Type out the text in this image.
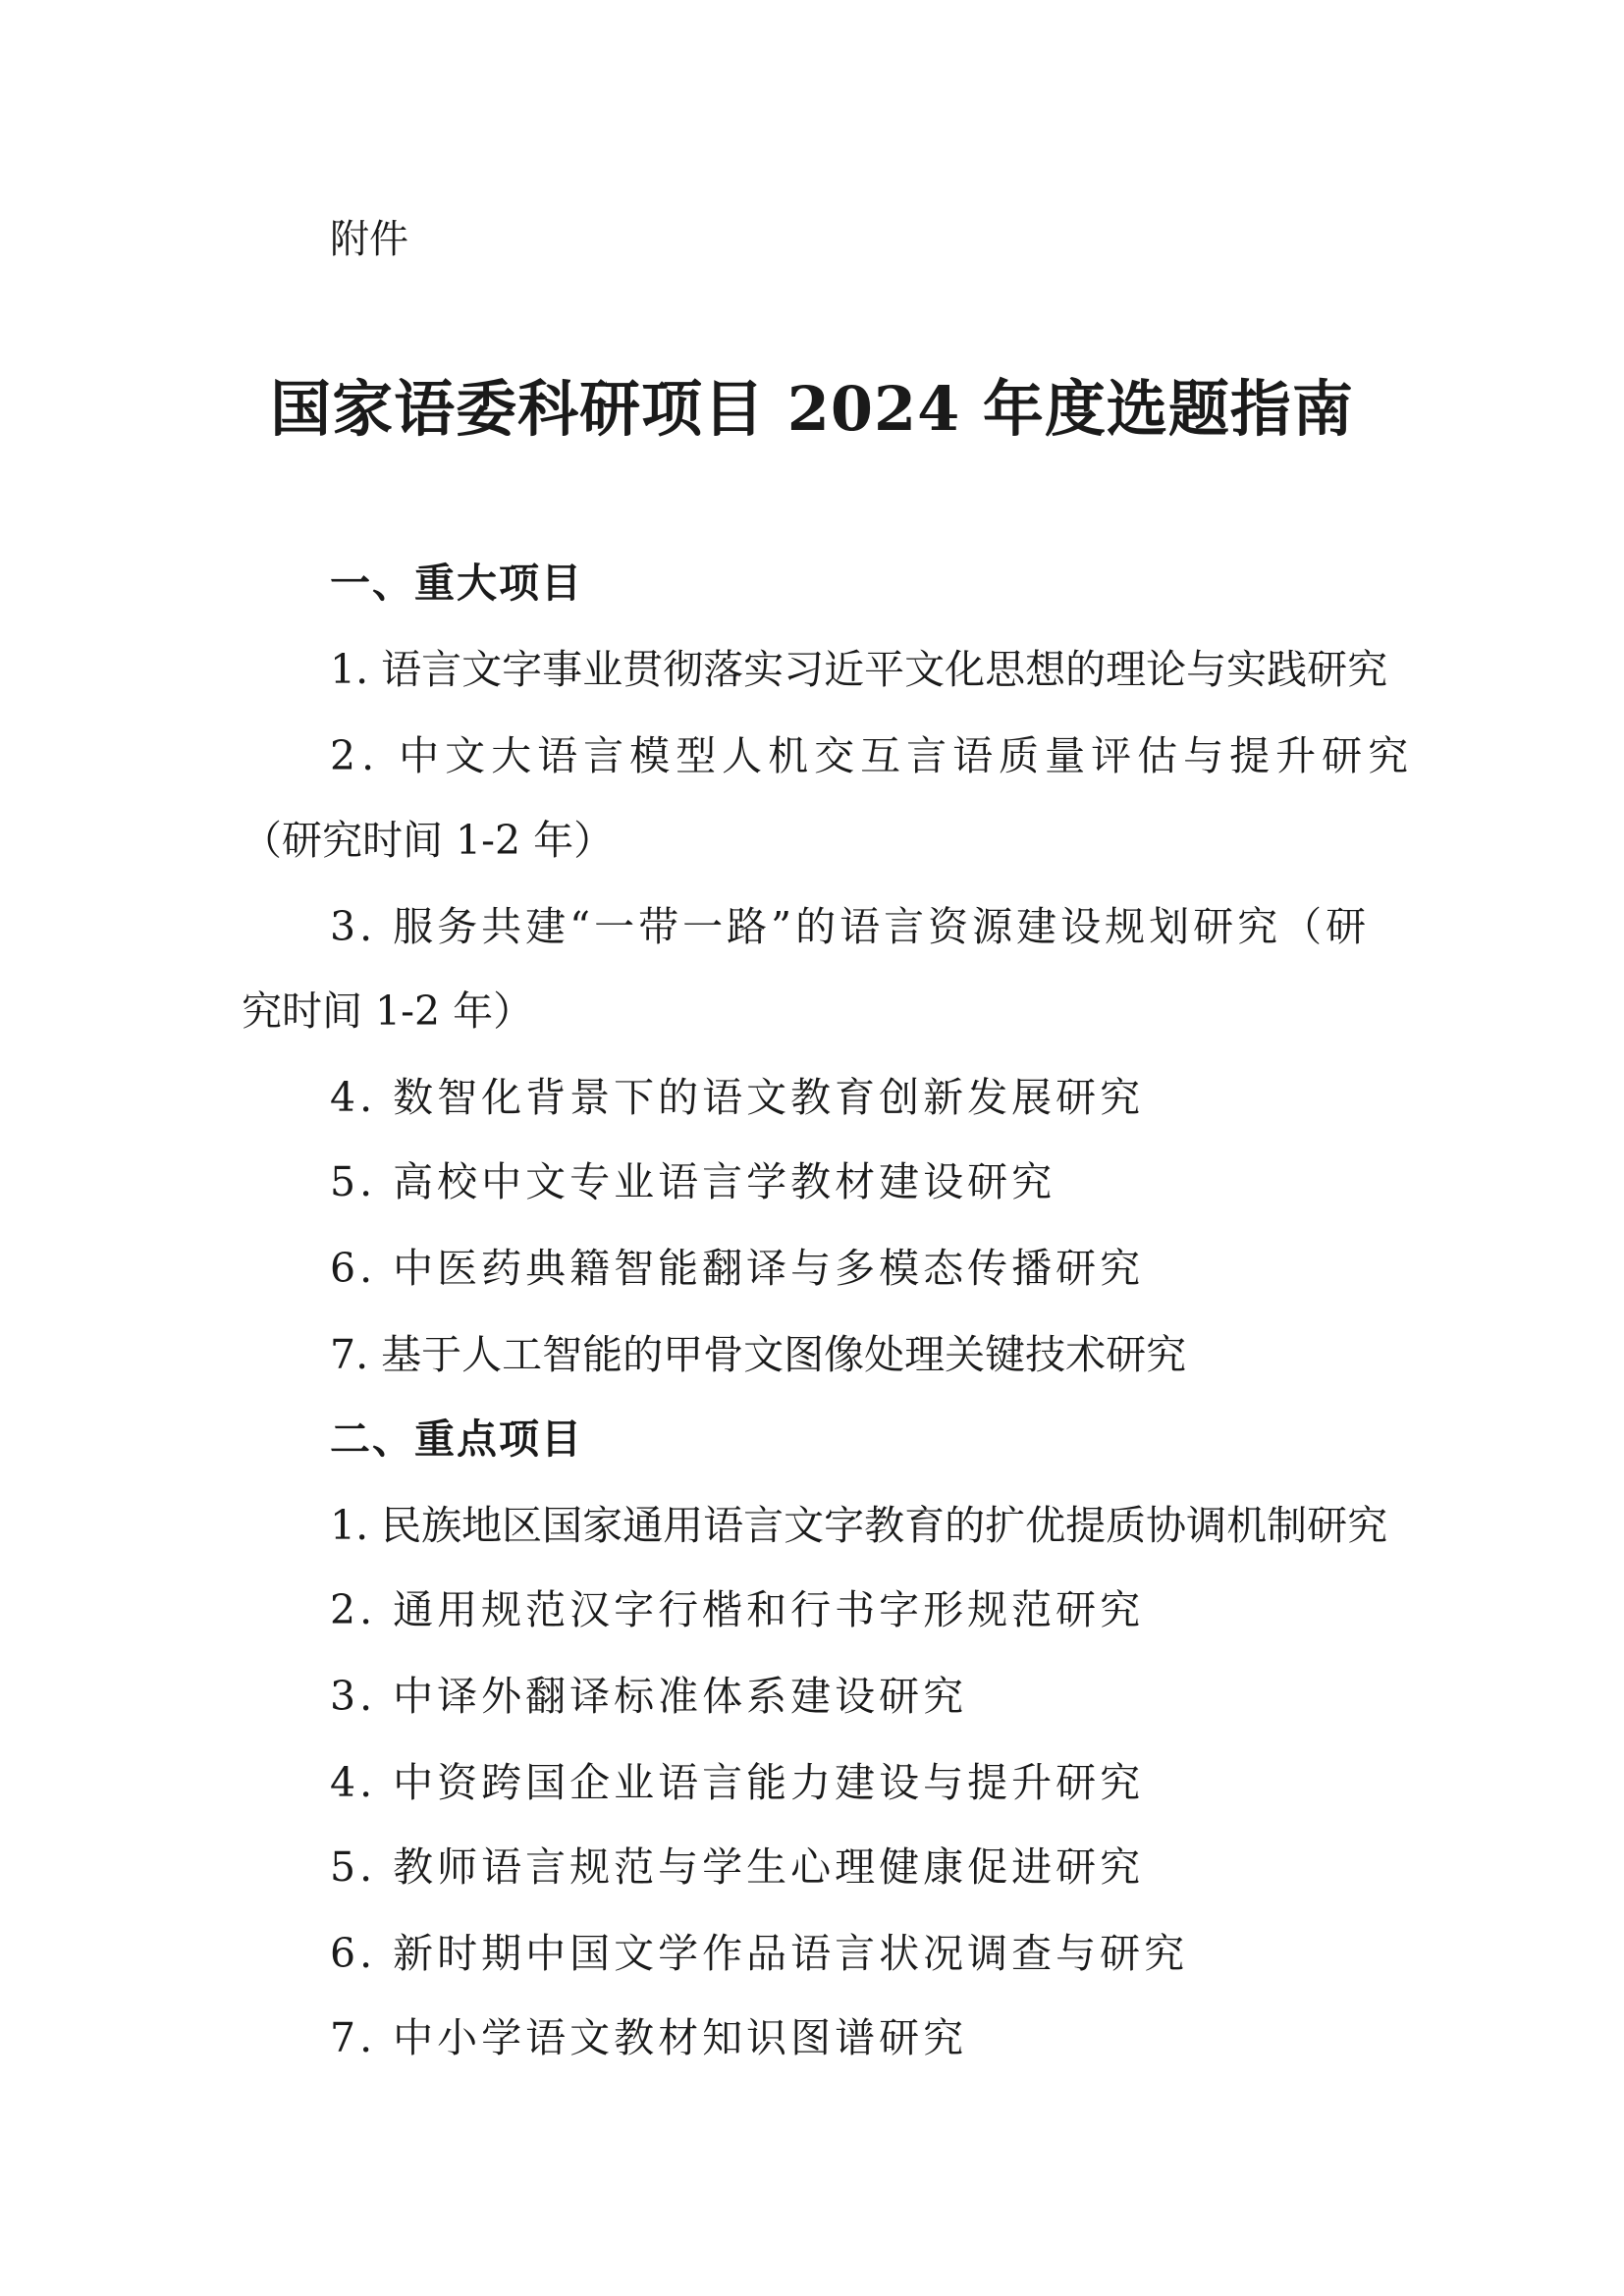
附件

国家语委科研项目 2024 年度选题指南

一、重大项目

1. 语言文字事业贯彻落实习近平文化思想的理论与实践研究

2. 中文大语言模型人机交互言语质量评估与提升研究

（研究时间 1-2 年）

3. 服务共建“一带一路”的语言资源建设规划研究（研

究时间 1-2 年）

4. 数智化背景下的语文教育创新发展研究

5. 高校中文专业语言学教材建设研究

6. 中医药典籍智能翻译与多模态传播研究

7. 基于人工智能的甲骨文图像处理关键技术研究

二、重点项目

1. 民族地区国家通用语言文字教育的扩优提质协调机制研究

2. 通用规范汉字行楷和行书字形规范研究

3. 中译外翻译标准体系建设研究

4. 中资跨国企业语言能力建设与提升研究

5. 教师语言规范与学生心理健康促进研究

6. 新时期中国文学作品语言状况调查与研究

7. 中小学语文教材知识图谱研究
